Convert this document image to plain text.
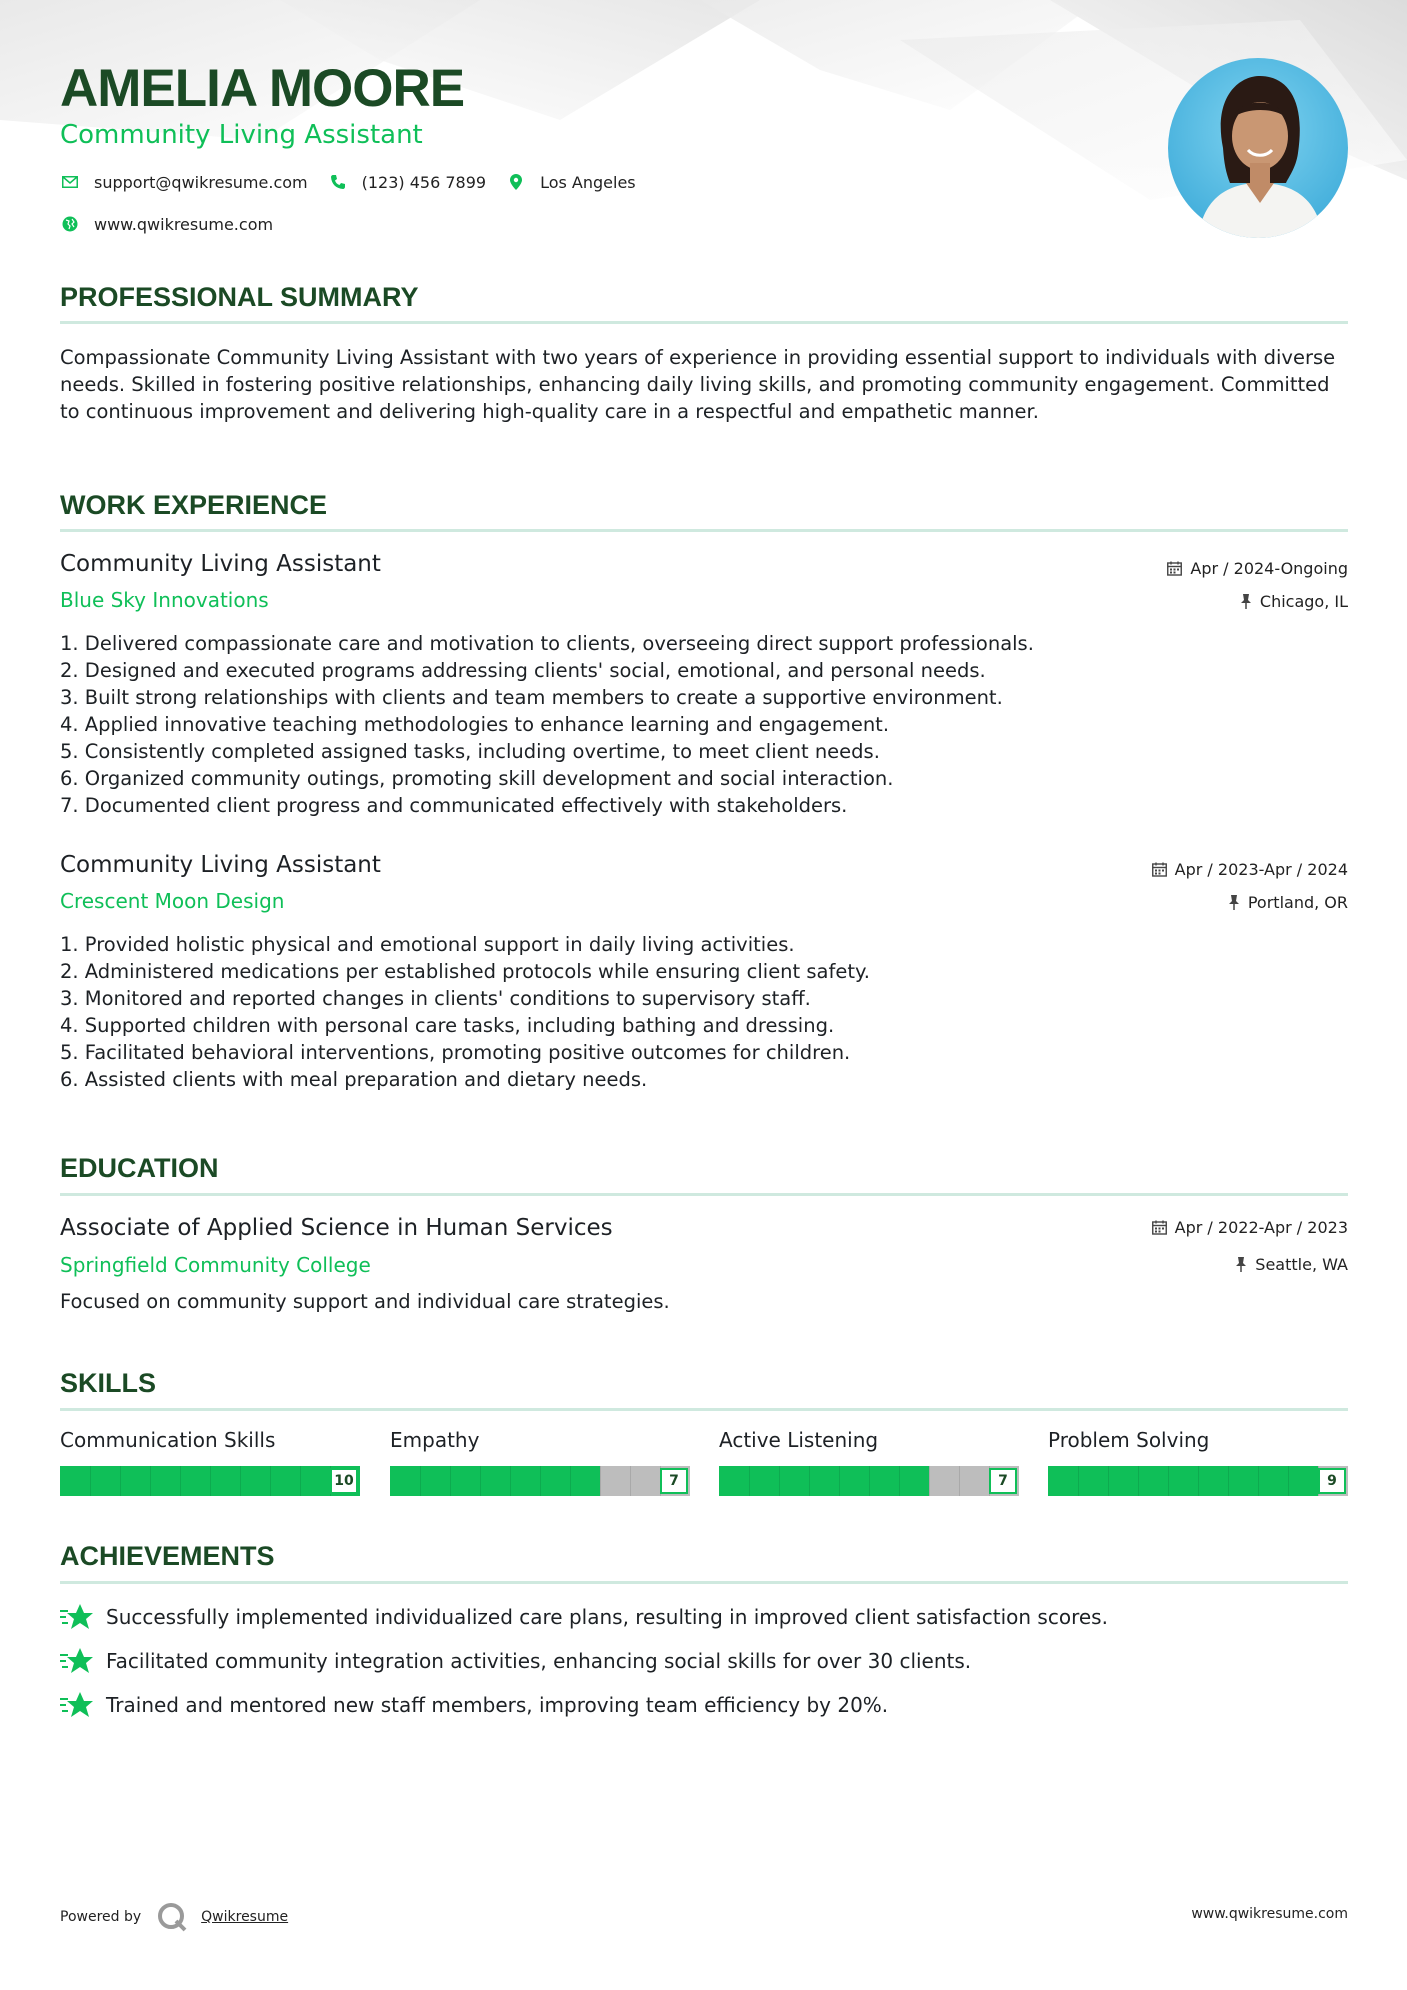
AMELIA MOORE
Community Living Assistant
support@qwikresume.com	(123) 456 7899	Los Angeles
www.qwikresume.com
PROFESSIONAL SUMMARY
Compassionate Community Living Assistant with two years of experience in providing essential support to individuals with diverse needs. Skilled in fostering positive relationships, enhancing daily living skills, and promoting community engagement. Committed to continuous improvement and delivering high-quality care in a respectful and empathetic manner.
WORK EXPERIENCE
Community Living Assistant
Blue Sky Innovations
Apr / 2024-Ongoing
Chicago, IL
1. Delivered compassionate care and motivation to clients, overseeing direct support professionals.
2. Designed and executed programs addressing clients' social, emotional, and personal needs.
3. Built strong relationships with clients and team members to create a supportive environment.
4. Applied innovative teaching methodologies to enhance learning and engagement.
5. Consistently completed assigned tasks, including overtime, to meet client needs.
6. Organized community outings, promoting skill development and social interaction.
7. Documented client progress and communicated effectively with stakeholders.
Community Living Assistant
Crescent Moon Design
Apr / 2023-Apr / 2024
Portland, OR
1. Provided holistic physical and emotional support in daily living activities.
2. Administered medications per established protocols while ensuring client safety.
3. Monitored and reported changes in clients' conditions to supervisory staff.
4. Supported children with personal care tasks, including bathing and dressing.
5. Facilitated behavioral interventions, promoting positive outcomes for children.
6. Assisted clients with meal preparation and dietary needs.
EDUCATION
Associate of Applied Science in Human Services
Springfield Community College
Apr / 2022-Apr / 2023
Seattle, WA
Focused on community support and individual care strategies.
SKILLS
Communication Skills
10
Empathy
7
Active Listening
7
Problem Solving
9
ACHIEVEMENTS
Successfully implemented individualized care plans, resulting in improved client satisfaction scores.
Facilitated community integration activities, enhancing social skills for over 30 clients.
Trained and mentored new staff members, improving team efficiency by 20%.
Powered by	Qwikresume	www.qwikresume.com
